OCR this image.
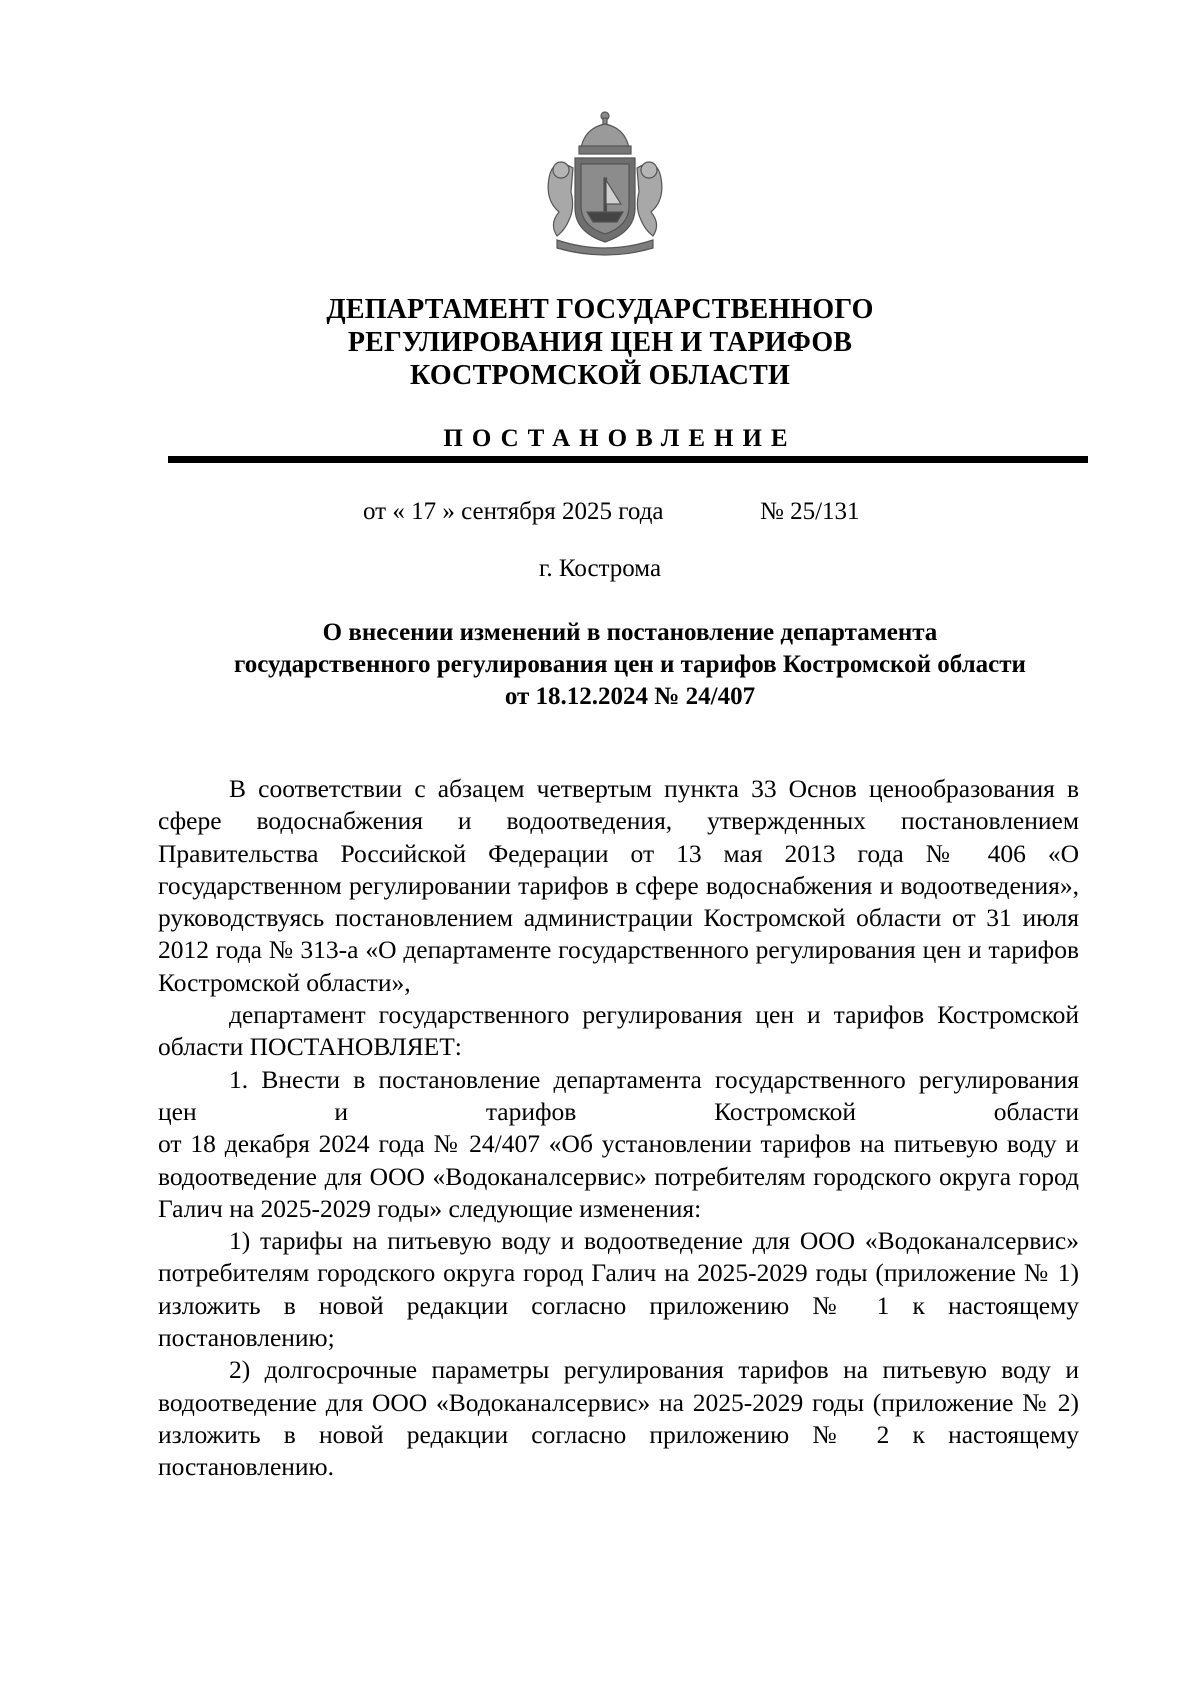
ДЕПАРТАМЕНТ ГОСУДАРСТВЕННОГО
РЕГУЛИРОВАНИЯ ЦЕН И ТАРИФОВ
КОСТРОМСКОЙ ОБЛАСТИ
ПОСТАНОВЛЕНИЕ
от « 17 » сентября 2025 года	№ 25/131
г. Кострома
О внесении изменений в постановление департамента
государственного регулирования цен и тарифов Костромской области
от 18.12.2024 № 24/407

В соответствии с абзацем четвертым пункта 33 Основ ценообразования в сфере водоснабжения и водоотведения, утвержденных постановлением Правительства Российской Федерации от 13 мая 2013 года № 406 «О государственном регулировании тарифов в сфере водоснабжения и водоотведения», руководствуясь постановлением администрации Костромской области от 31 июля 2012 года № 313-а «О департаменте государственного регулирования цен и тарифов Костромской области»,

департамент государственного регулирования цен и тарифов Костромской области ПОСТАНОВЛЯЕТ:

1. Внести в постановление департамента государственного регулирования цен и тарифов Костромской области

от 18 декабря 2024 года № 24/407 «Об установлении тарифов на питьевую воду и водоотведение для ООО «Водоканалсервис» потребителям городского округа город Галич на 2025-2029 годы» следующие изменения:

1) тарифы на питьевую воду и водоотведение для ООО «Водоканалсервис» потребителям городского округа город Галич на 2025-2029 годы (приложение № 1) изложить в новой редакции согласно приложению № 1 к настоящему постановлению;

2) долгосрочные параметры регулирования тарифов на питьевую воду и водоотведение для ООО «Водоканалсервис» на 2025-2029 годы (приложение № 2) изложить в новой редакции согласно приложению № 2 к настоящему постановлению.
